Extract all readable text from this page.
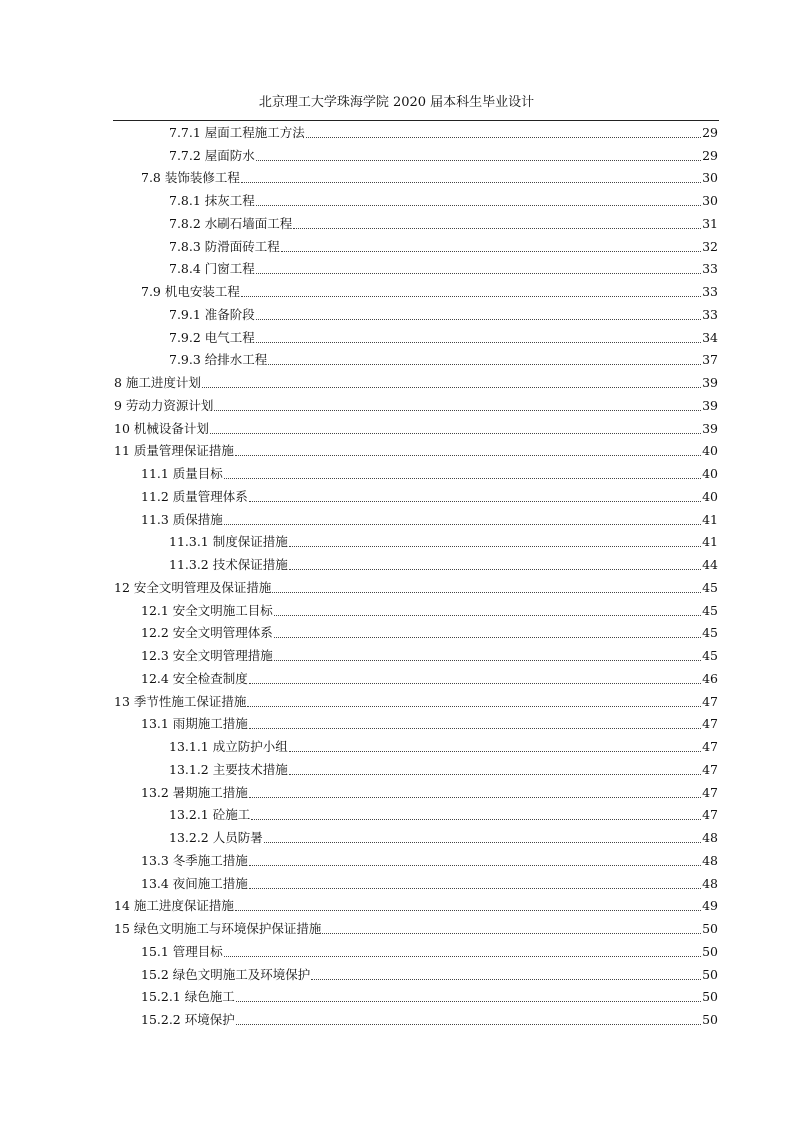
北京理工大学珠海学院 2020 届本科生毕业设计
7.7.1 屋面工程施工方法	29
7.7.2 屋面防水	29
7.8 装饰装修工程	30
7.8.1 抹灰工程	30
7.8.2 水刷石墙面工程	31
7.8.3 防滑面砖工程	32
7.8.4 门窗工程	33
7.9 机电安装工程	33
7.9.1 准备阶段	33
7.9.2 电气工程	34
7.9.3 给排水工程	37
8 施工进度计划	39
9 劳动力资源计划	39
10 机械设备计划	39
11 质量管理保证措施	40
11.1 质量目标	40
11.2 质量管理体系	40
11.3 质保措施	41
11.3.1 制度保证措施	41
11.3.2 技术保证措施	44
12 安全文明管理及保证措施	45
12.1 安全文明施工目标	45
12.2 安全文明管理体系	45
12.3 安全文明管理措施	45
12.4 安全检查制度	46
13 季节性施工保证措施	47
13.1 雨期施工措施	47
13.1.1 成立防护小组	47
13.1.2 主要技术措施	47
13.2 暑期施工措施	47
13.2.1 砼施工	47
13.2.2 人员防暑	48
13.3 冬季施工措施	48
13.4 夜间施工措施	48
14 施工进度保证措施	49
15 绿色文明施工与环境保护保证措施	50
15.1 管理目标	50
15.2 绿色文明施工及环境保护	50
15.2.1 绿色施工	50
15.2.2 环境保护	50
